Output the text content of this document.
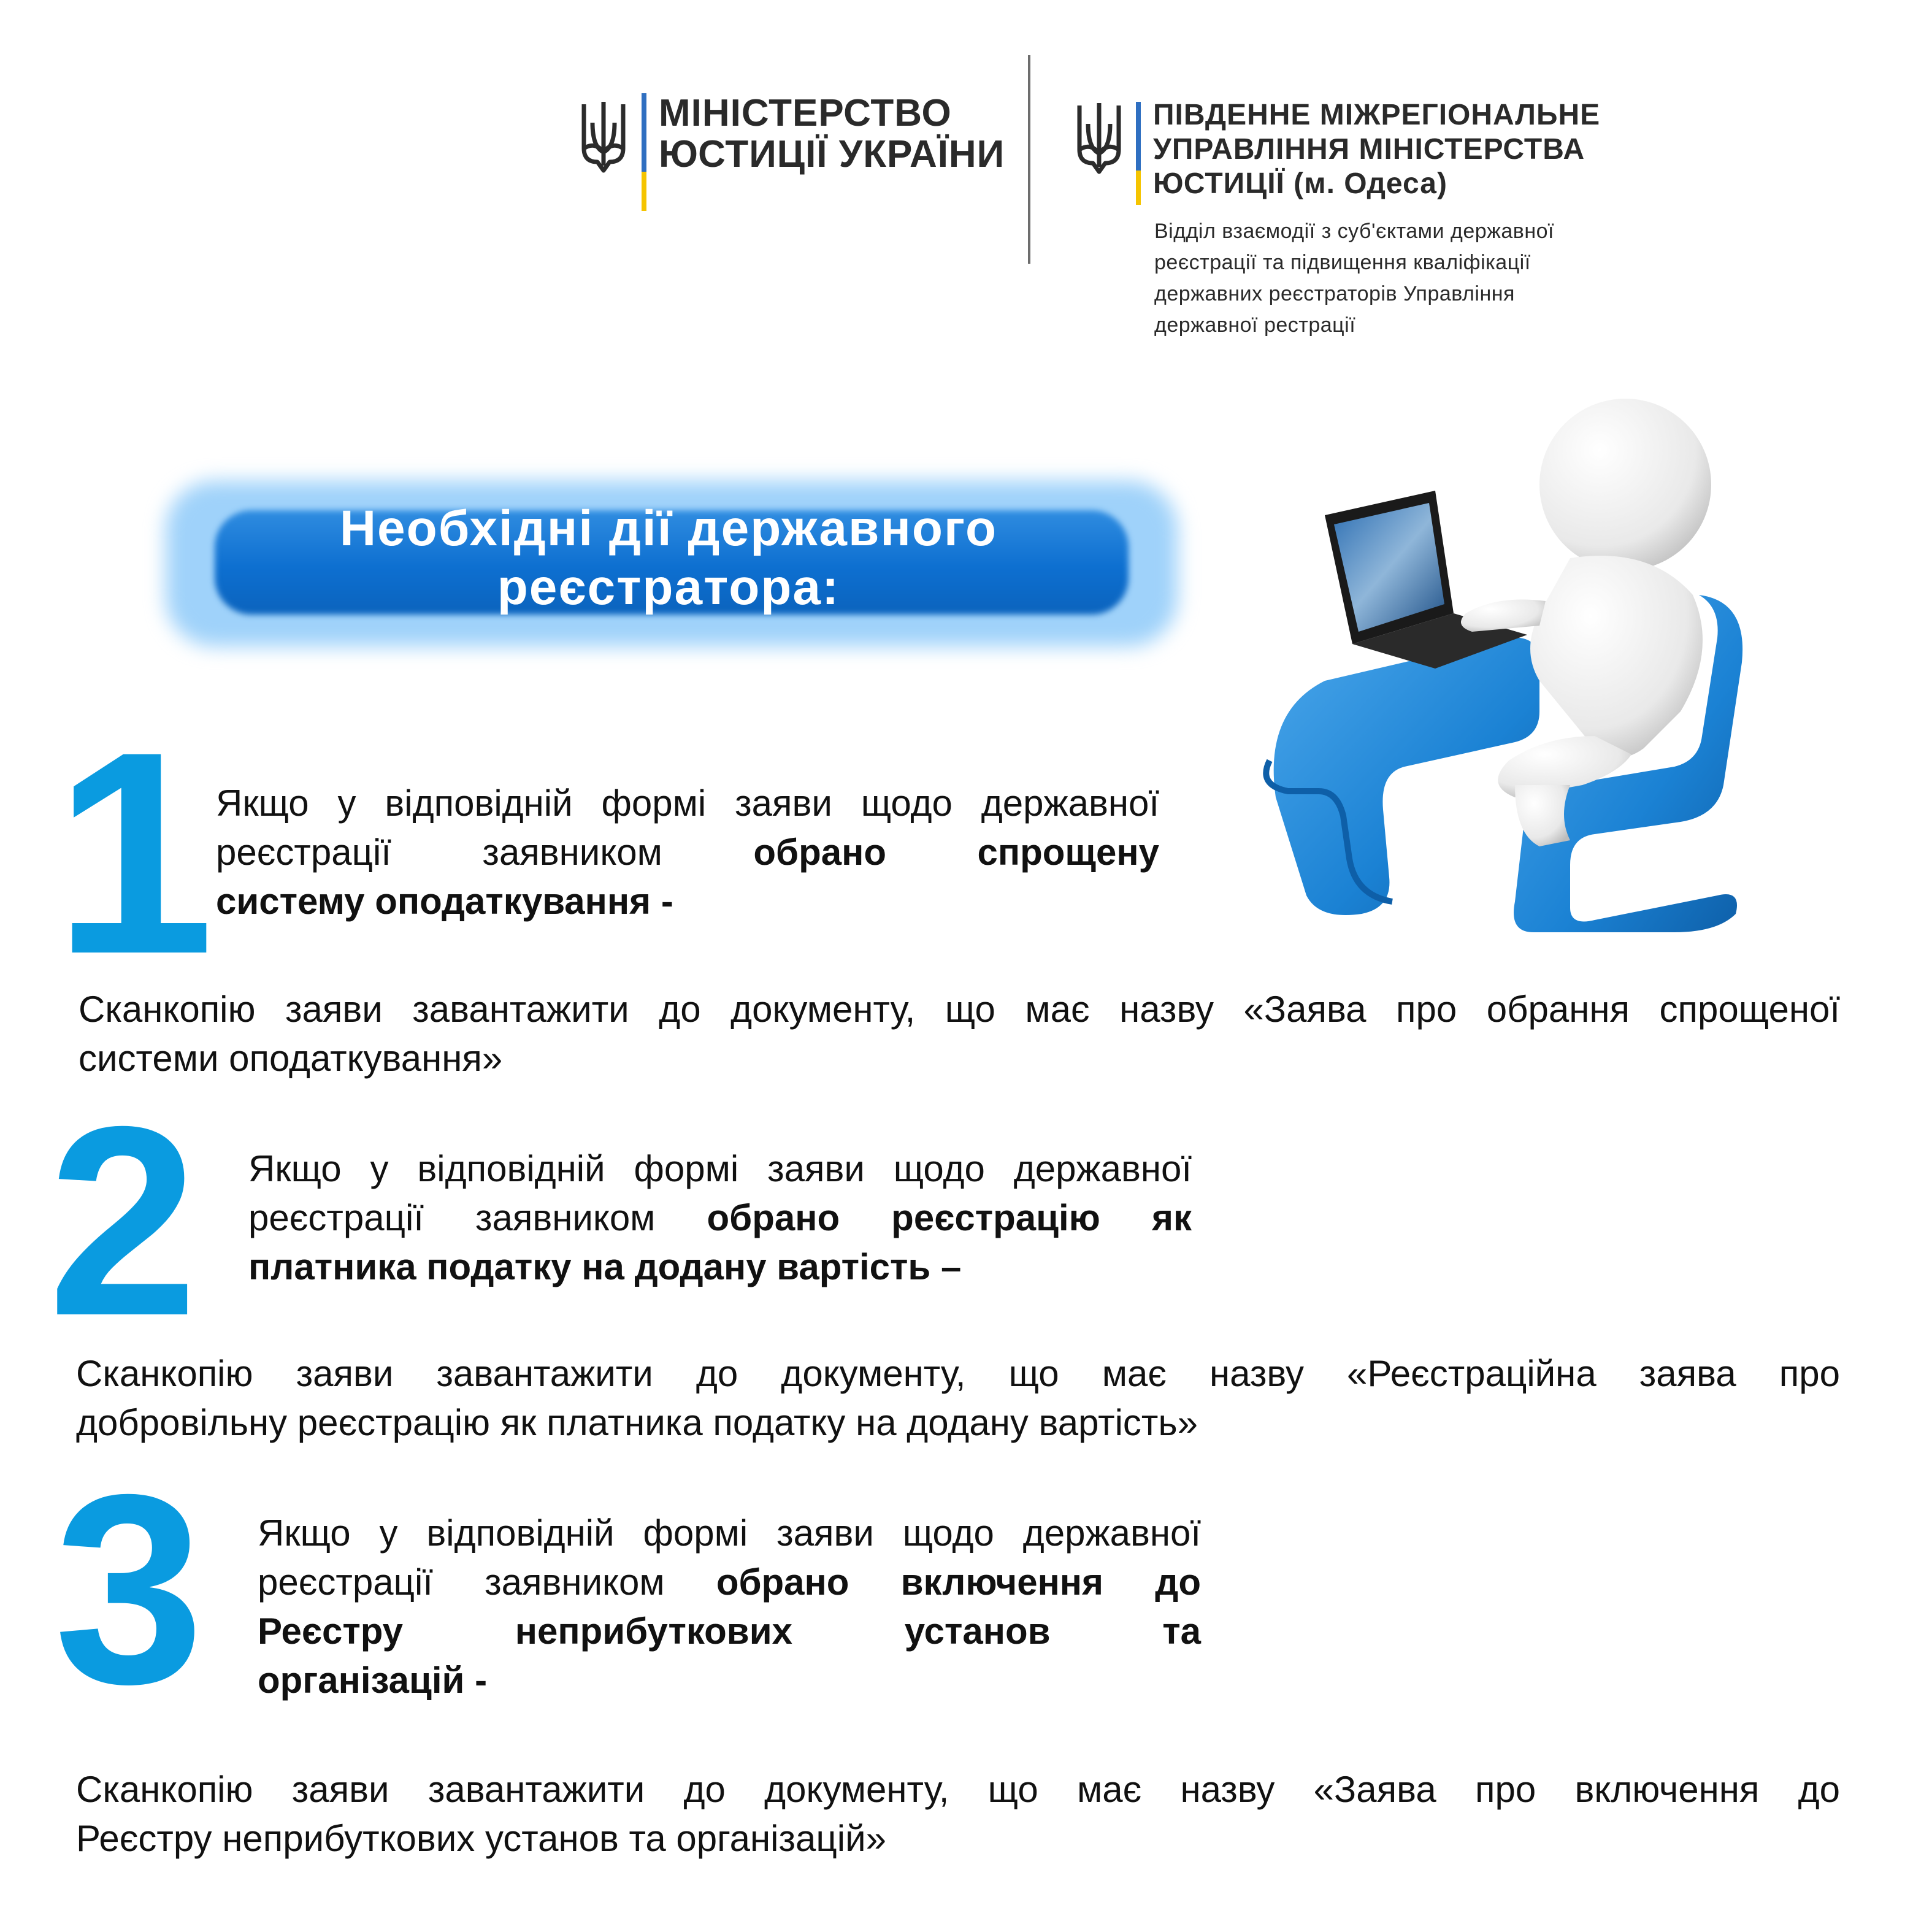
МІНІСТЕРСТВО
ЮСТИЦІЇ УКРАЇНИ
ПІВДЕННЕ МІЖРЕГІОНАЛЬНЕ
УПРАВЛІННЯ МІНІСТЕРСТВА
ЮСТИЦІЇ (м. Одеса)
Відділ взаємодії з суб'єктами державної
реєстрації та підвищення кваліфікації
державних реєстраторів Управління
державної рестрації
Необхідні дії державного
реєстратора:
1 Якщо у відповідній формі заяви щодо державної
реєстрації заявником обрано спрощену
систему оподаткування -
Сканкопію заяви завантажити до документу, що має назву «Заява про обрання спрощеної
системи оподаткування»
2 Якщо у відповідній формі заяви щодо державної
реєстрації заявником обрано реєстрацію як
платника податку на додану вартість –
Сканкопію заяви завантажити до документу, що має назву «Реєстраційна заява про
добровільну реєстрацію як платника податку на додану вартість»
3 Якщо у відповідній формі заяви щодо державної
реєстрації заявником обрано включення до
Реєстру неприбуткових установ та
організацій -
Сканкопію заяви завантажити до документу, що має назву «Заява про включення до
Реєстру неприбуткових установ та організацій»
